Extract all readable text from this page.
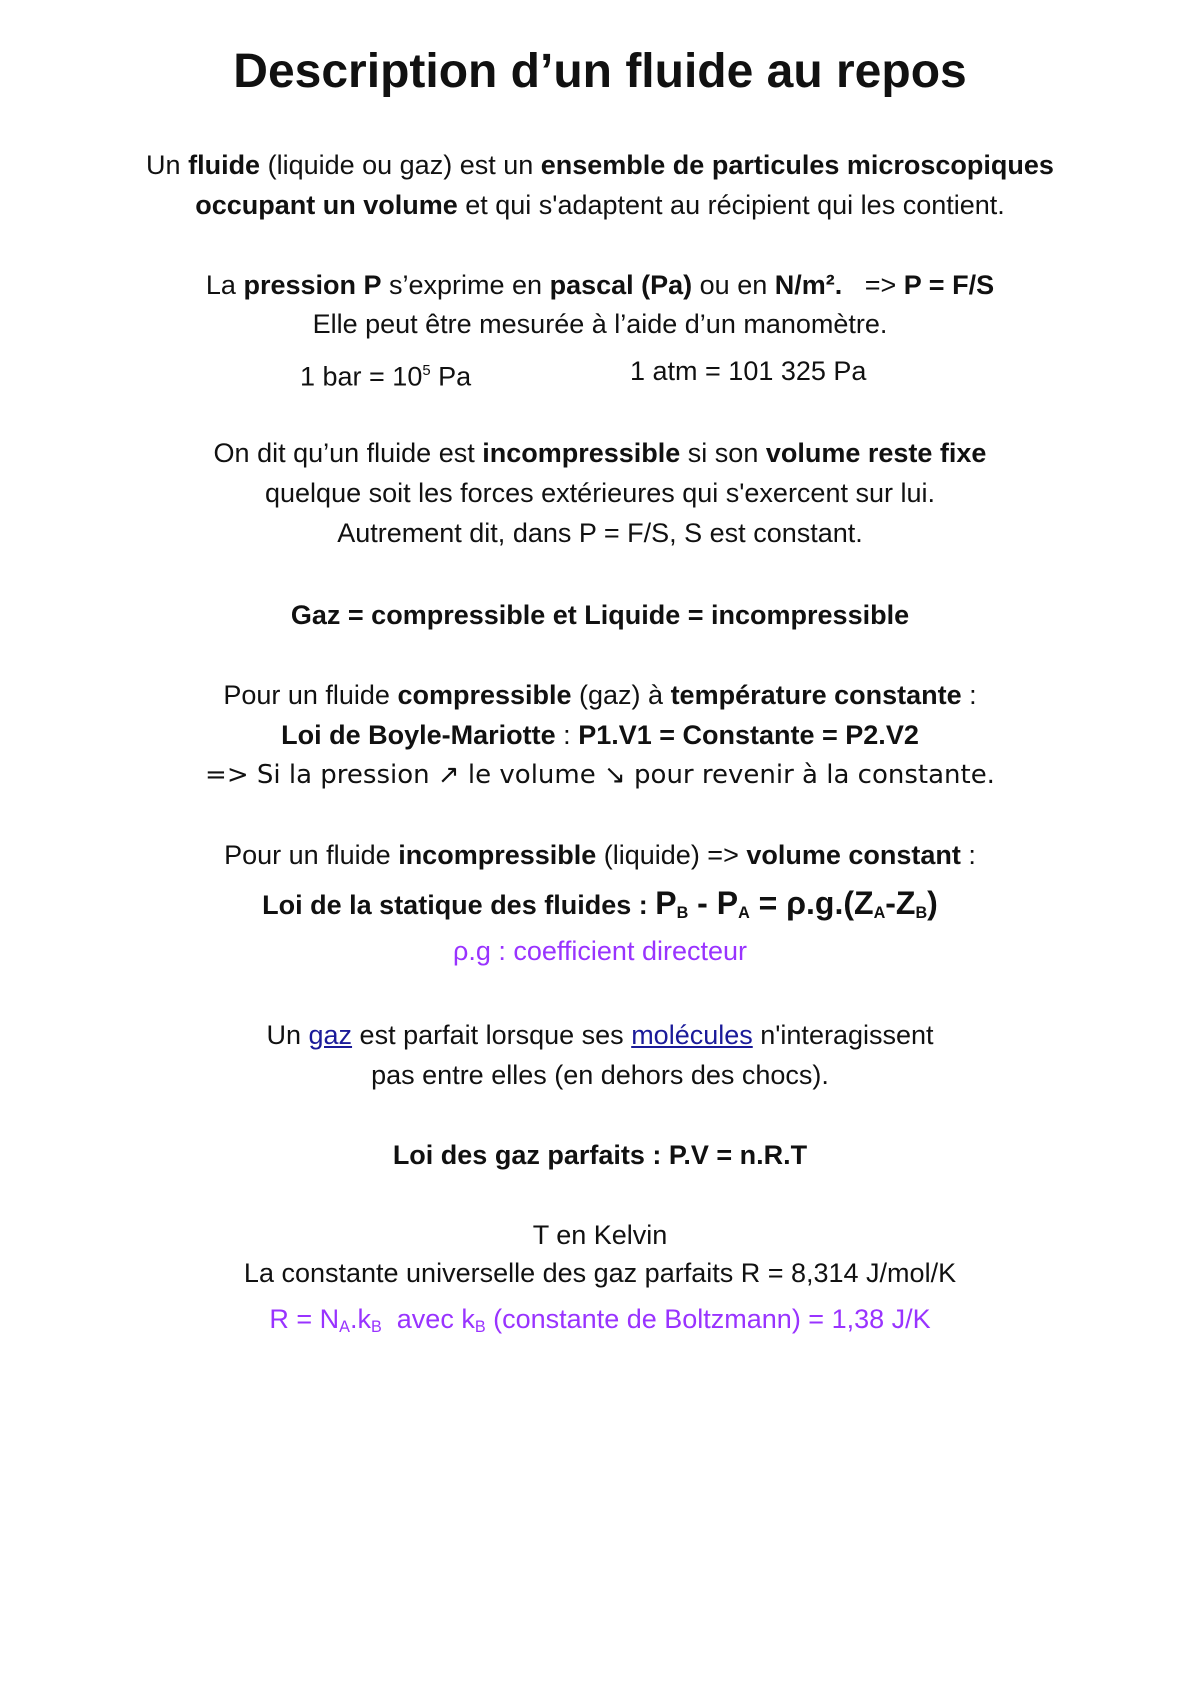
Description d’un fluide au repos
Un fluide (liquide ou gaz) est un ensemble de particules microscopiques
occupant un volume et qui s'adaptent au récipient qui les contient.
La pression P s’exprime en pascal (Pa) ou en N/m².   => P = F/S
Elle peut être mesurée à l’aide d’un manomètre.
1 bar = $10^5$ Pa	1 atm = 101 325 Pa
On dit qu’un fluide est incompressible si son volume reste fixe
quelque soit les forces extérieures qui s'exercent sur lui.
Autrement dit, dans P = F/S, S est constant.
Gaz = compressible et Liquide = incompressible
Pour un fluide compressible (gaz) à température constante :
Loi de Boyle-Mariotte : P1.V1 = Constante = P2.V2
=> Si la pression ↗ le volume ↘ pour revenir à la constante.
Pour un fluide incompressible (liquide) => volume constant :
Loi de la statique des fluides : $P_B - P_A = \rho.g.(Z_A-Z_B)$
ρ.g : coefficient directeur
Un gaz est parfait lorsque ses molécules n'interagissent
pas entre elles (en dehors des chocs).
Loi des gaz parfaits : P.V = n.R.T
T en Kelvin
La constante universelle des gaz parfaits R = 8,314 J/mol/K
$R = N_A.k_B$  avec $k_B$ (constante de Boltzmann) = 1,38 J/K
